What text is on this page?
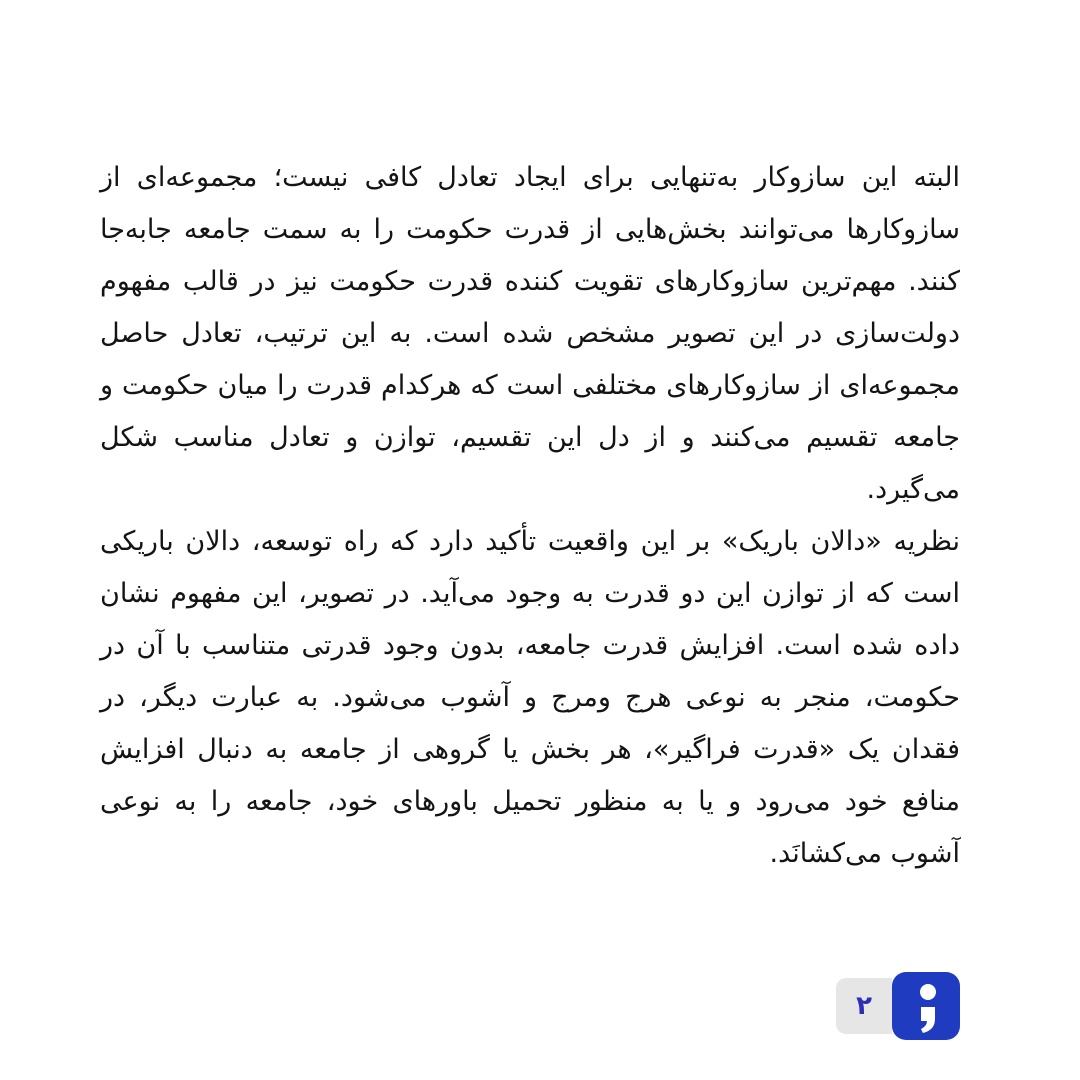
البته این سازوکار به‌تنهایی برای ایجاد تعادل کافی نیست؛ مجموعه‌ای از سازوکارها می‌توانند بخش‌هایی از قدرت حکومت را به سمت جامعه جابه‌جا کنند. مهم‌ترین سازوکارهای تقویت کننده قدرت حکومت نیز در قالب مفهوم دولت‌سازی در این تصویر مشخص شده است. به این ترتیب، تعادل حاصل مجموعه‌ای از سازوکارهای مختلفی است که هرکدام قدرت را میان حکومت و جامعه تقسیم می‌کنند و از دل این تقسیم، توازن و تعادل مناسب شکل می‌گیرد.

نظریه «دالان باریک» بر این واقعیت تأکید دارد که راه توسعه، دالان باریکی است که از توازن این دو قدرت به وجود می‌آید. در تصویر، این مفهوم نشان داده شده است. افزایش قدرت جامعه، بدون وجود قدرتی متناسب با آن در حکومت، منجر به نوعی هرج ومرج و آشوب می‌شود. به عبارت دیگر، در فقدان یک «قدرت فراگیر»، هر بخش یا گروهی از جامعه به دنبال افزایش منافع خود می‌رود و یا به منظور تحمیل باورهای خود، جامعه را به نوعی آشوب می‌کشانَد.

۲
